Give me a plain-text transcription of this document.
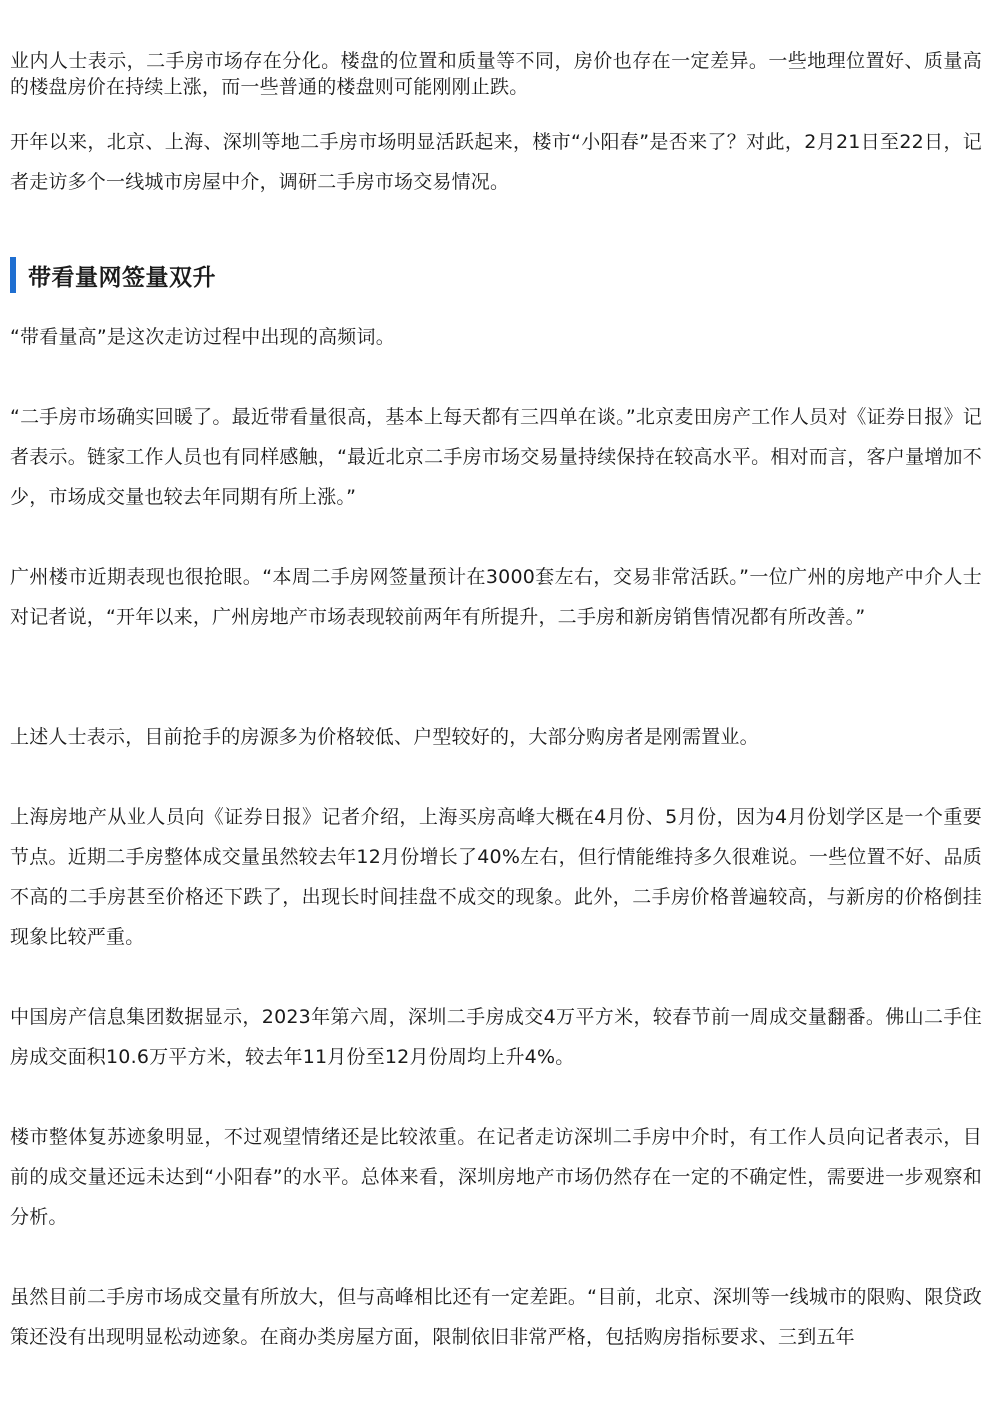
业内人士表示，二手房市场存在分化。楼盘的位置和质量等不同，房价也存在一定差异。一些地理位置好、质量高的楼盘房价在持续上涨，而一些普通的楼盘则可能刚刚止跌。

开年以来，北京、上海、深圳等地二手房市场明显活跃起来，楼市“小阳春”是否来了？对此，2月21日至22日，记者走访多个一线城市房屋中介，调研二手房市场交易情况。

带看量网签量双升

“带看量高”是这次走访过程中出现的高频词。

“二手房市场确实回暖了。最近带看量很高，基本上每天都有三四单在谈。”北京麦田房产工作人员对《证券日报》记者表示。链家工作人员也有同样感触，“最近北京二手房市场交易量持续保持在较高水平。相对而言，客户量增加不少，市场成交量也较去年同期有所上涨。”

广州楼市近期表现也很抢眼。“本周二手房网签量预计在3000套左右，交易非常活跃。”一位广州的房地产中介人士对记者说，“开年以来，广州房地产市场表现较前两年有所提升，二手房和新房销售情况都有所改善。”

上述人士表示，目前抢手的房源多为价格较低、户型较好的，大部分购房者是刚需置业。

上海房地产从业人员向《证券日报》记者介绍，上海买房高峰大概在4月份、5月份，因为4月份划学区是一个重要节点。近期二手房整体成交量虽然较去年12月份增长了40%左右，但行情能维持多久很难说。一些位置不好、品质不高的二手房甚至价格还下跌了，出现长时间挂盘不成交的现象。此外，二手房价格普遍较高，与新房的价格倒挂现象比较严重。

中国房产信息集团数据显示，2023年第六周，深圳二手房成交4万平方米，较春节前一周成交量翻番。佛山二手住房成交面积10.6万平方米，较去年11月份至12月份周均上升4%。

楼市整体复苏迹象明显，不过观望情绪还是比较浓重。在记者走访深圳二手房中介时，有工作人员向记者表示，目前的成交量还远未达到“小阳春”的水平。总体来看，深圳房地产市场仍然存在一定的不确定性，需要进一步观察和分析。

虽然目前二手房市场成交量有所放大，但与高峰相比还有一定差距。“目前，北京、深圳等一线城市的限购、限贷政策还没有出现明显松动迹象。在商办类房屋方面，限制依旧非常严格，包括购房指标要求、三到五年
